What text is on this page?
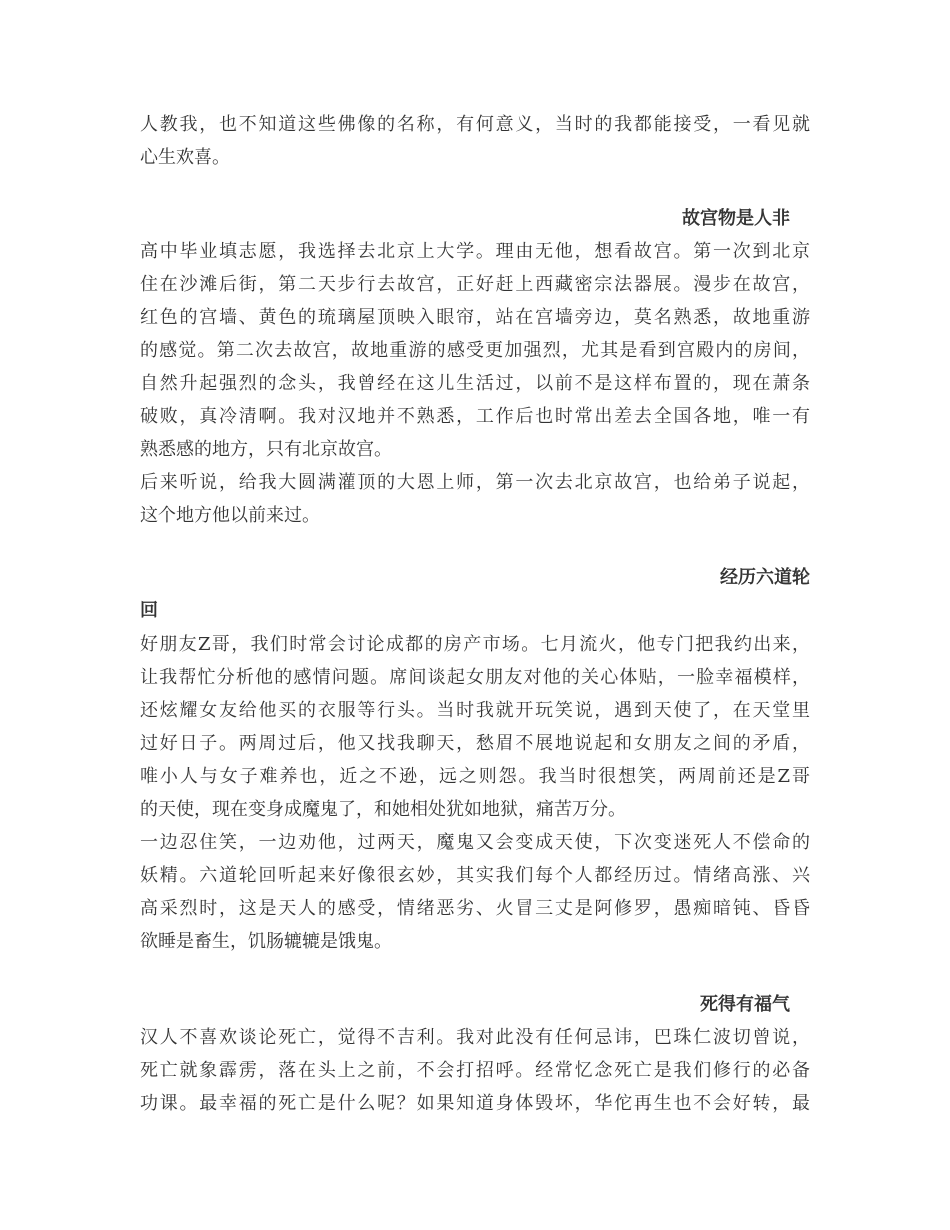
人教我，也不知道这些佛像的名称，有何意义，当时的我都能接受，一看见就
心生欢喜。
故宫物是人非
高中毕业填志愿，我选择去北京上大学。理由无他，想看故宫。第一次到北京
住在沙滩后街，第二天步行去故宫，正好赶上西藏密宗法器展。漫步在故宫，
红色的宫墙、黄色的琉璃屋顶映入眼帘，站在宫墙旁边，莫名熟悉，故地重游
的感觉。第二次去故宫，故地重游的感受更加强烈，尤其是看到宫殿内的房间，
自然升起强烈的念头，我曾经在这儿生活过，以前不是这样布置的，现在萧条
破败，真冷清啊。我对汉地并不熟悉，工作后也时常出差去全国各地，唯一有
熟悉感的地方，只有北京故宫。
后来听说，给我大圆满灌顶的大恩上师，第一次去北京故宫，也给弟子说起，
这个地方他以前来过。
经历六道轮
回
好朋友Z哥，我们时常会讨论成都的房产市场。七月流火，他专门把我约出来，
让我帮忙分析他的感情问题。席间谈起女朋友对他的关心体贴，一脸幸福模样，
还炫耀女友给他买的衣服等行头。当时我就开玩笑说，遇到天使了，在天堂里
过好日子。两周过后，他又找我聊天，愁眉不展地说起和女朋友之间的矛盾，
唯小人与女子难养也，近之不逊，远之则怨。我当时很想笑，两周前还是Z哥
的天使，现在变身成魔鬼了，和她相处犹如地狱，痛苦万分。
一边忍住笑，一边劝他，过两天，魔鬼又会变成天使，下次变迷死人不偿命的
妖精。六道轮回听起来好像很玄妙，其实我们每个人都经历过。情绪高涨、兴
高采烈时，这是天人的感受，情绪恶劣、火冒三丈是阿修罗，愚痴暗钝、昏昏
欲睡是畜生，饥肠辘辘是饿鬼。
死得有福气
汉人不喜欢谈论死亡，觉得不吉利。我对此没有任何忌讳，巴珠仁波切曾说，
死亡就象霹雳，落在头上之前，不会打招呼。经常忆念死亡是我们修行的必备
功课。最幸福的死亡是什么呢？如果知道身体毁坏，华佗再生也不会好转，最
